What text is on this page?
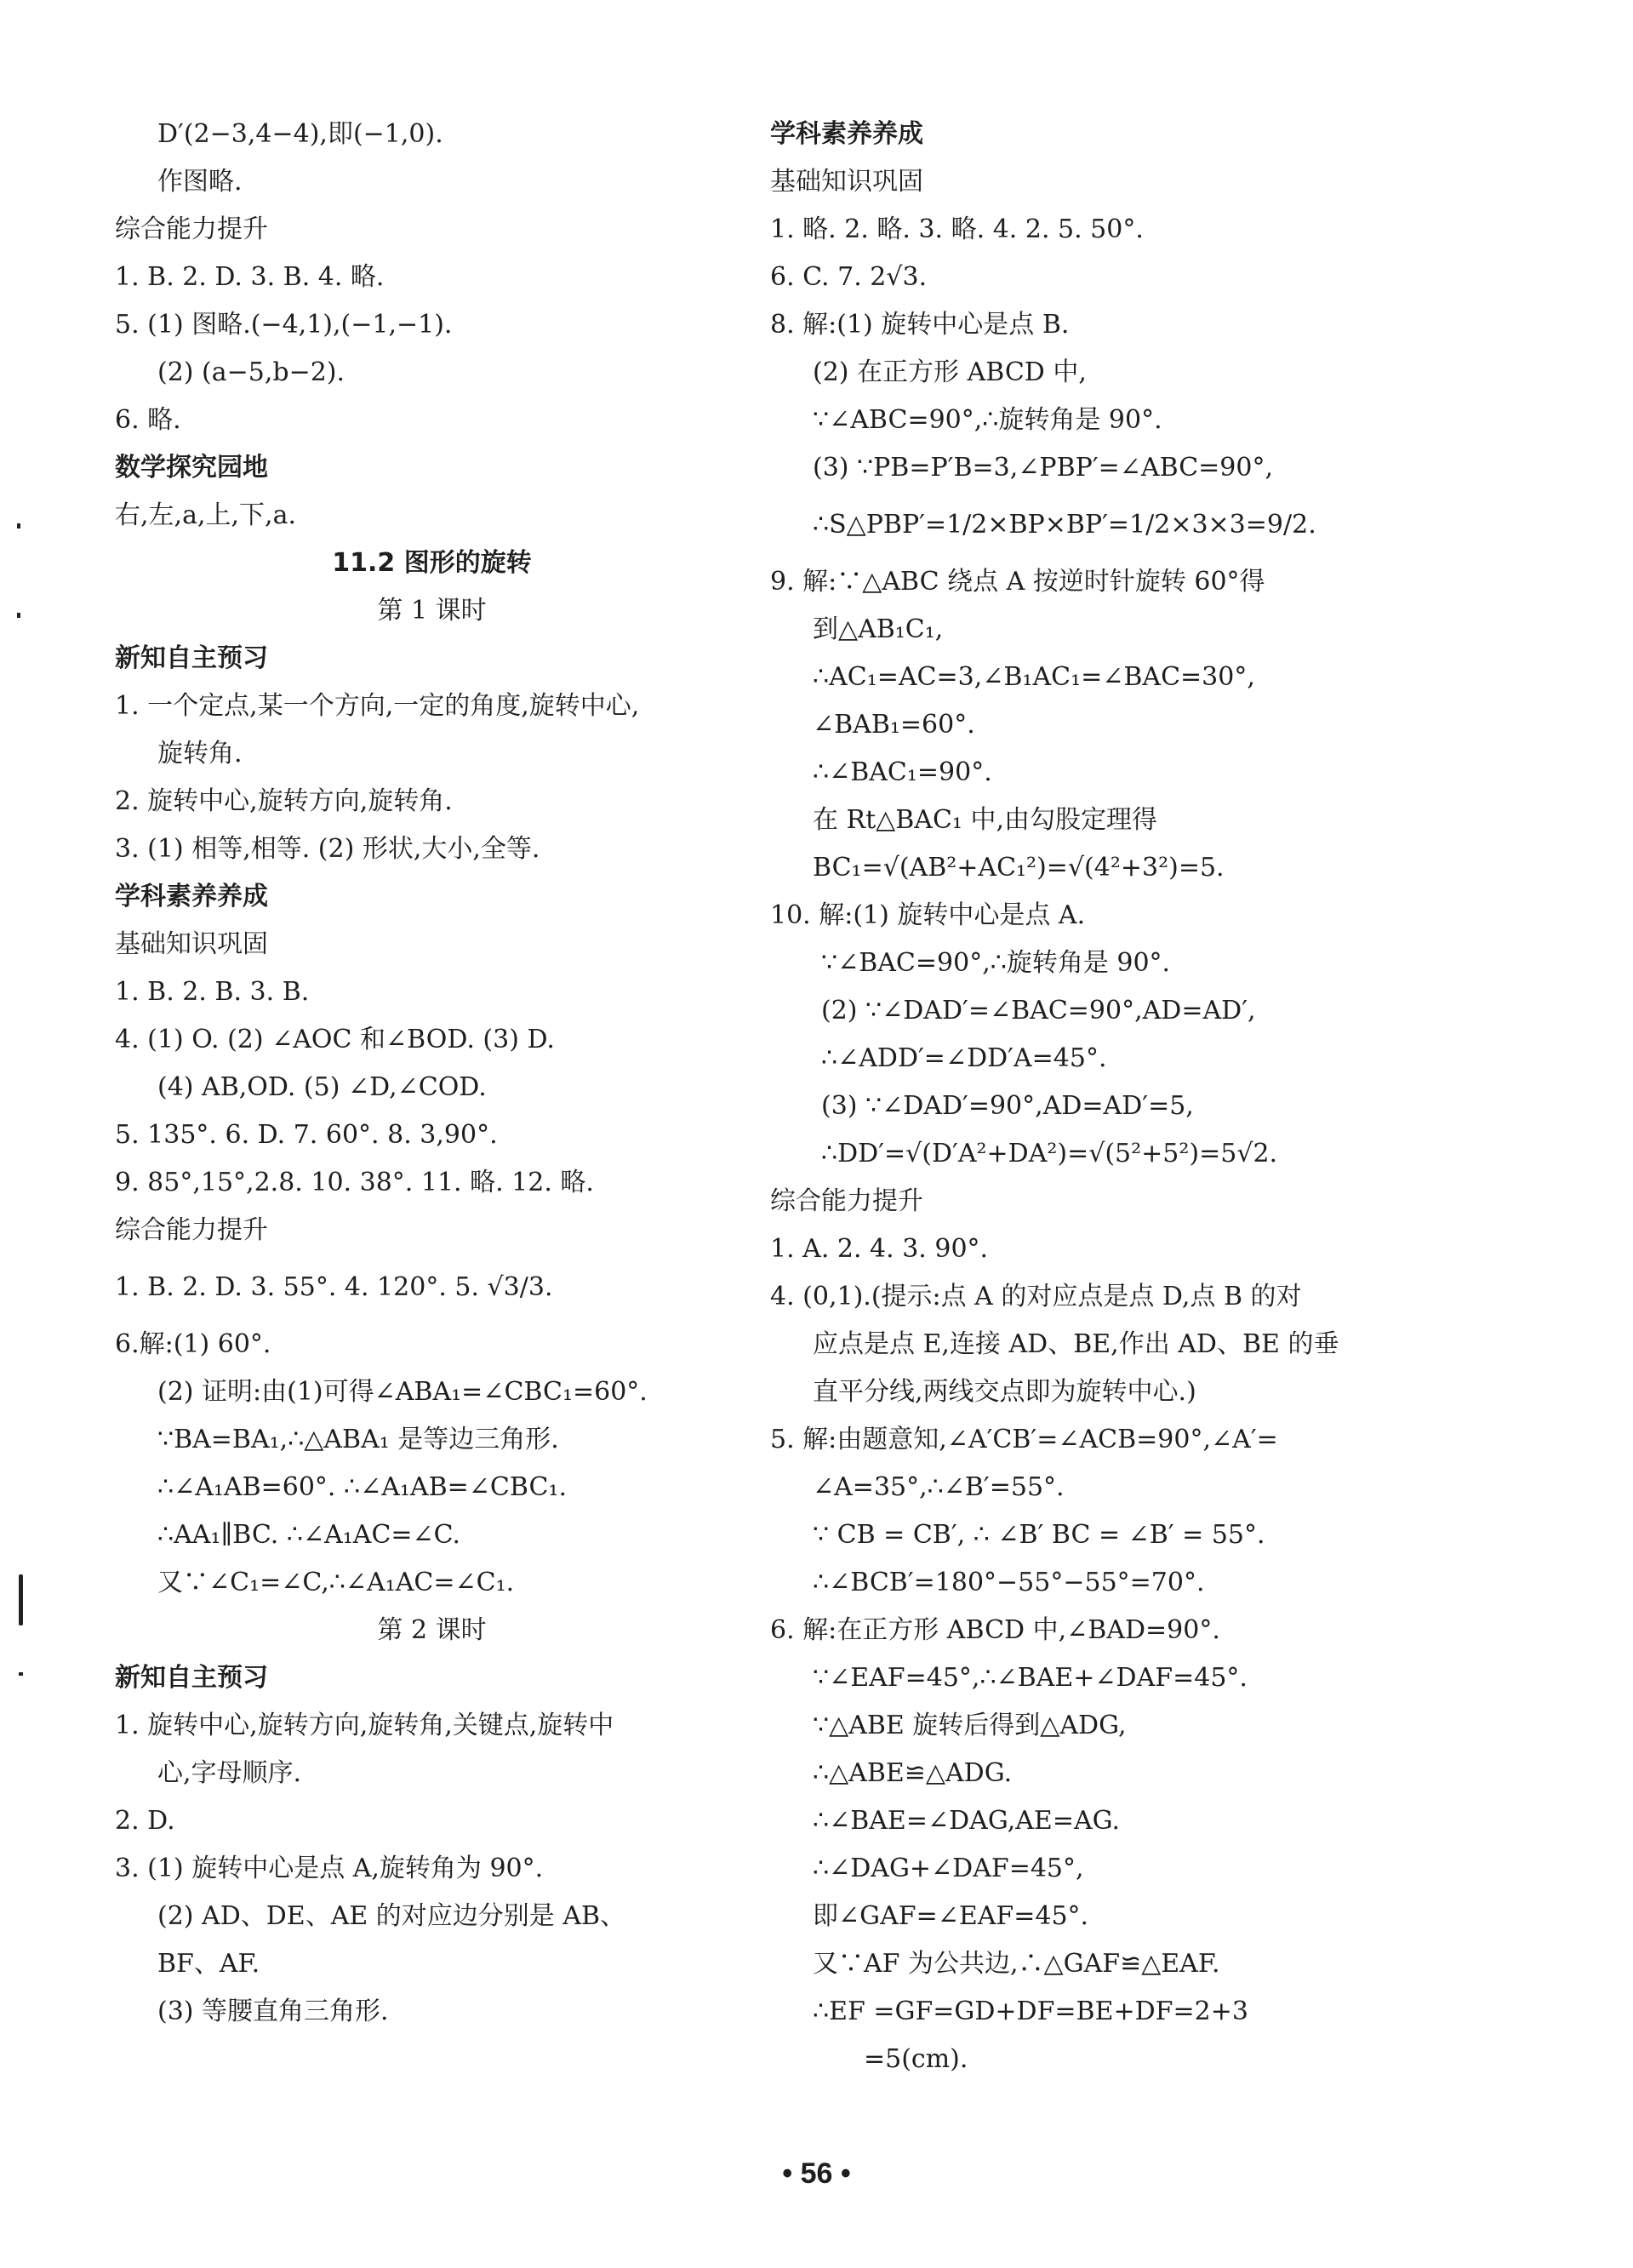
D′(2−3,4−4),即(−1,0).
作图略.
综合能力提升
1. B. 2. D. 3. B. 4. 略.
5. (1) 图略.(−4,1),(−1,−1).
(2) (a−5,b−2).
6. 略.
数学探究园地
右,左,a,上,下,a.
11.2 图形的旋转
第 1 课时
新知自主预习
1. 一个定点,某一个方向,一定的角度,旋转中心,
旋转角.
2. 旋转中心,旋转方向,旋转角.
3. (1) 相等,相等. (2) 形状,大小,全等.
学科素养养成
基础知识巩固
1. B. 2. B. 3. B.
4. (1) O. (2) ∠AOC 和∠BOD. (3) D.
(4) AB,OD. (5) ∠D,∠COD.
5. 135°. 6. D. 7. 60°. 8. 3,90°.
9. 85°,15°,2.8. 10. 38°. 11. 略. 12. 略.
综合能力提升
1. B. 2. D. 3. 55°. 4. 120°. 5. √3/3.
6.解:(1) 60°.
(2) 证明:由(1)可得∠ABA₁=∠CBC₁=60°.
∵BA=BA₁,∴△ABA₁ 是等边三角形.
∴∠A₁AB=60°. ∴∠A₁AB=∠CBC₁.
∴AA₁∥BC. ∴∠A₁AC=∠C.
又∵∠C₁=∠C,∴∠A₁AC=∠C₁.
第 2 课时
新知自主预习
1. 旋转中心,旋转方向,旋转角,关键点,旋转中
心,字母顺序.
2. D.
3. (1) 旋转中心是点 A,旋转角为 90°.
(2) AD、DE、AE 的对应边分别是 AB、
BF、AF.
(3) 等腰直角三角形.
学科素养养成
基础知识巩固
1. 略. 2. 略. 3. 略. 4. 2. 5. 50°.
6. C. 7. 2√3.
8. 解:(1) 旋转中心是点 B.
(2) 在正方形 ABCD 中,
∵∠ABC=90°,∴旋转角是 90°.
(3) ∵PB=P′B=3,∠PBP′=∠ABC=90°,
∴S△PBP′=1/2×BP×BP′=1/2×3×3=9/2.
9. 解:∵△ABC 绕点 A 按逆时针旋转 60°得
到△AB₁C₁,
∴AC₁=AC=3,∠B₁AC₁=∠BAC=30°,
∠BAB₁=60°.
∴∠BAC₁=90°.
在 Rt△BAC₁ 中,由勾股定理得
BC₁=√(AB²+AC₁²)=√(4²+3²)=5.
10. 解:(1) 旋转中心是点 A.
∵∠BAC=90°,∴旋转角是 90°.
(2) ∵∠DAD′=∠BAC=90°,AD=AD′,
∴∠ADD′=∠DD′A=45°.
(3) ∵∠DAD′=90°,AD=AD′=5,
∴DD′=√(D′A²+DA²)=√(5²+5²)=5√2.
综合能力提升
1. A. 2. 4. 3. 90°.
4. (0,1).(提示:点 A 的对应点是点 D,点 B 的对
应点是点 E,连接 AD、BE,作出 AD、BE 的垂
直平分线,两线交点即为旋转中心.)
5. 解:由题意知,∠A′CB′=∠ACB=90°,∠A′=
∠A=35°,∴∠B′=55°.
∵ CB = CB′, ∴ ∠B′ BC = ∠B′ = 55°.
∴∠BCB′=180°−55°−55°=70°.
6. 解:在正方形 ABCD 中,∠BAD=90°.
∵∠EAF=45°,∴∠BAE+∠DAF=45°.
∵△ABE 旋转后得到△ADG,
∴△ABE≌△ADG.
∴∠BAE=∠DAG,AE=AG.
∴∠DAG+∠DAF=45°,
即∠GAF=∠EAF=45°.
又∵AF 为公共边,∴△GAF≌△EAF.
∴EF =GF=GD+DF=BE+DF=2+3
=5(cm).
• 56 •
